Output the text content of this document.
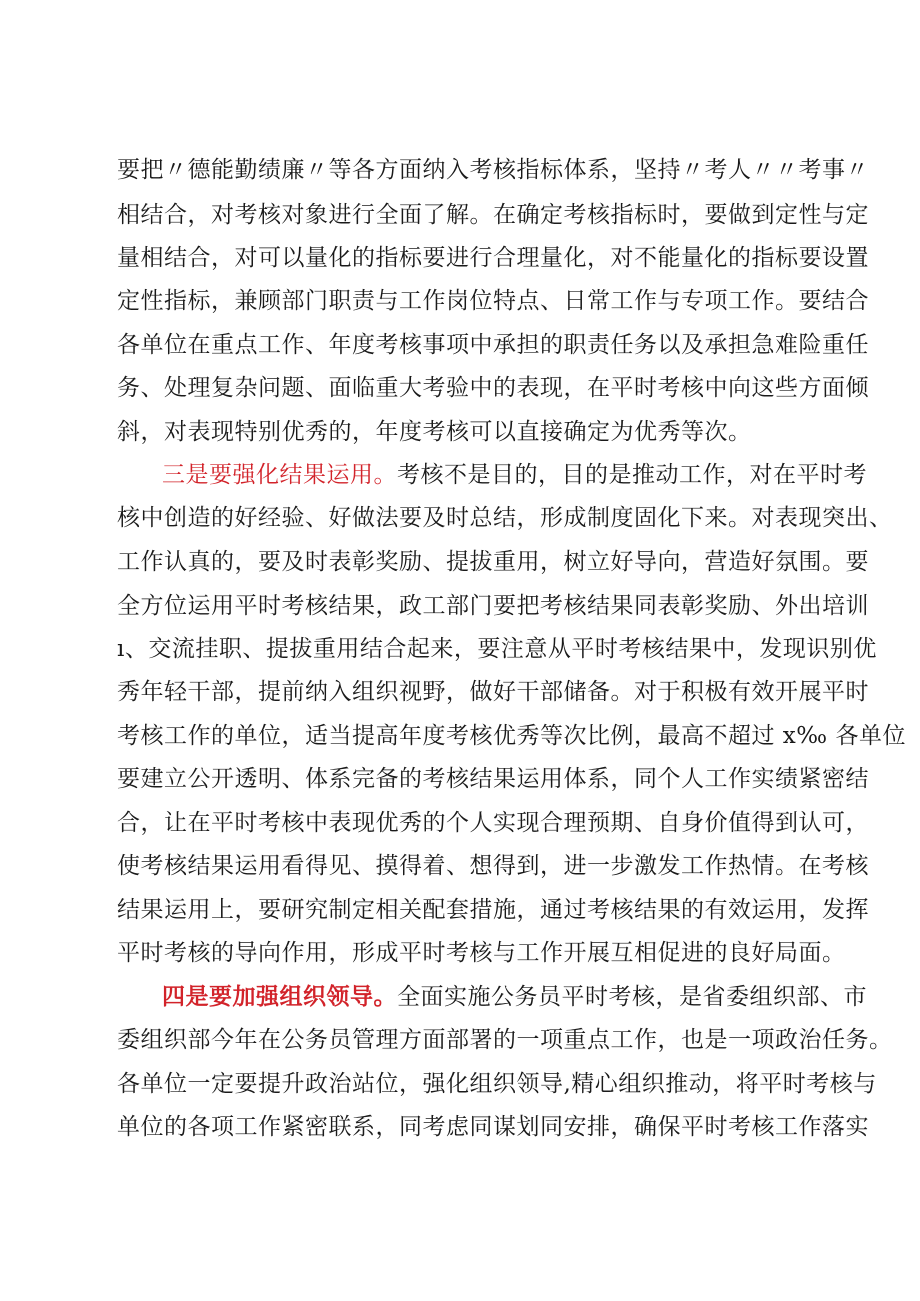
要把〃德能勤绩廉〃等各方面纳入考核指标体系，坚持〃考人〃〃考事〃
相结合，对考核对象进行全面了解。在确定考核指标时，要做到定性与定
量相结合，对可以量化的指标要进行合理量化，对不能量化的指标要设置
定性指标，兼顾部门职责与工作岗位特点、日常工作与专项工作。要结合
各单位在重点工作、年度考核事项中承担的职责任务以及承担急难险重任
务、处理复杂问题、面临重大考验中的表现，在平时考核中向这些方面倾
斜，对表现特别优秀的，年度考核可以直接确定为优秀等次。
三是要强化结果运用。考核不是目的，目的是推动工作，对在平时考
核中创造的好经验、好做法要及时总结，形成制度固化下来。对表现突出、
工作认真的，要及时表彰奖励、提拔重用，树立好导向，营造好氛围。要
全方位运用平时考核结果，政工部门要把考核结果同表彰奖励、外出培训
ı、交流挂职、提拔重用结合起来，要注意从平时考核结果中，发现识别优
秀年轻干部，提前纳入组织视野，做好干部储备。对于积极有效开展平时
考核工作的单位，适当提高年度考核优秀等次比例，最高不超过 x‰ 各单位
要建立公开透明、体系完备的考核结果运用体系，同个人工作实绩紧密结
合，让在平时考核中表现优秀的个人实现合理预期、自身价值得到认可，
使考核结果运用看得见、摸得着、想得到，进一步激发工作热情。在考核
结果运用上，要研究制定相关配套措施，通过考核结果的有效运用，发挥
平时考核的导向作用，形成平时考核与工作开展互相促进的良好局面。
四是要加强组织领导。全面实施公务员平时考核，是省委组织部、市
委组织部今年在公务员管理方面部署的一项重点工作，也是一项政治任务。
各单位一定要提升政治站位，强化组织领导,精心组织推动，将平时考核与
单位的各项工作紧密联系，同考虑同谋划同安排，确保平时考核工作落实
